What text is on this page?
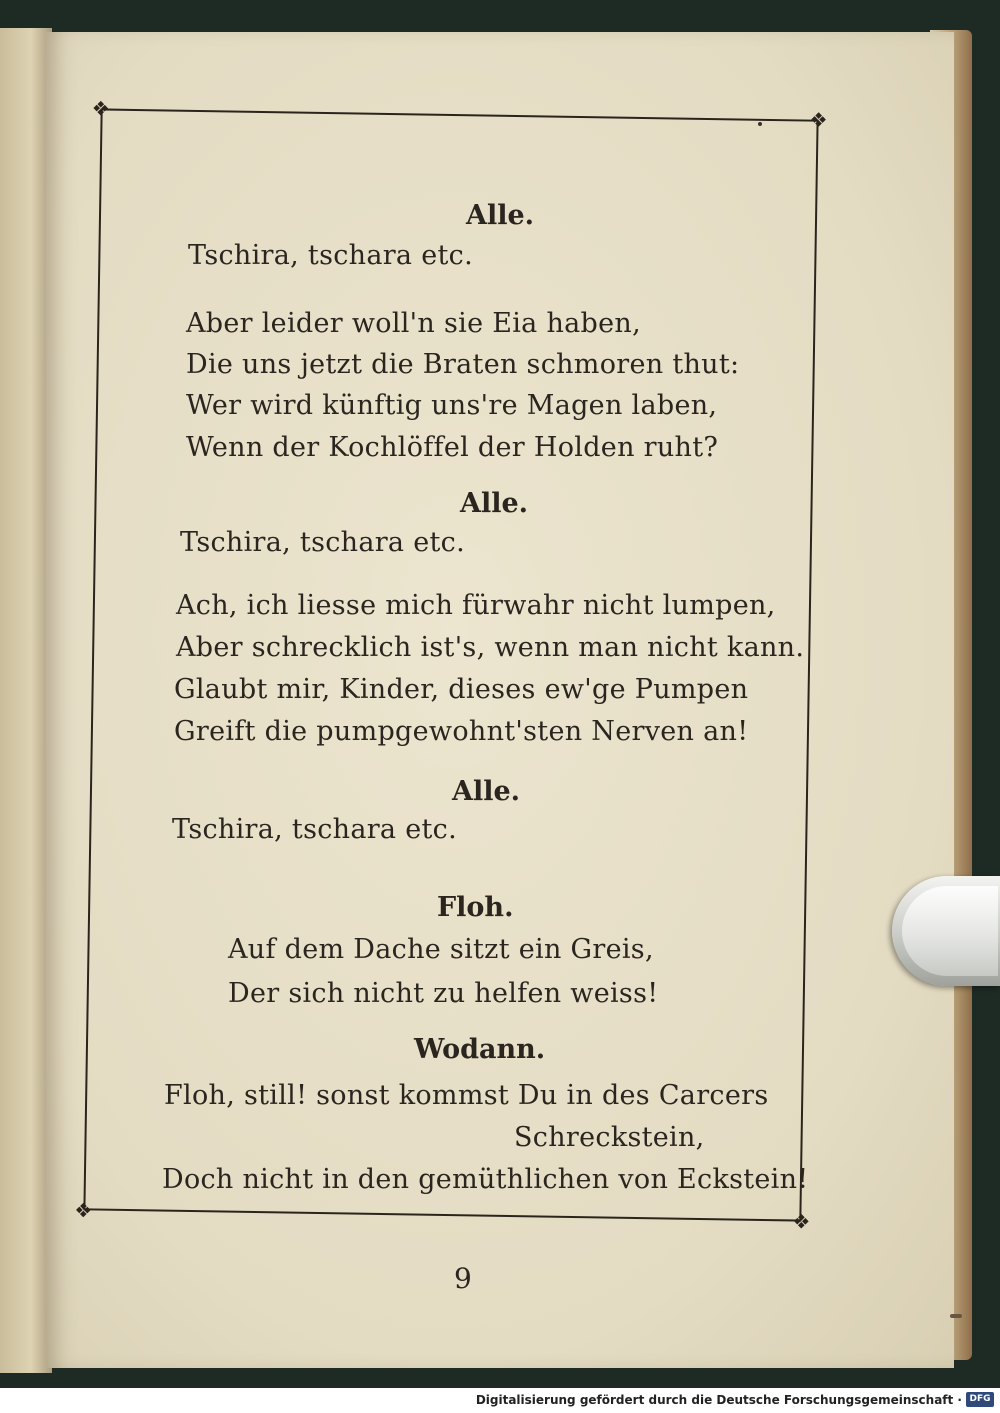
❖	❖
❖	❖
Alle.
Tschira, tschara etc.
Aber leider woll'n sie Eia haben,
Die uns jetzt die Braten schmoren thut:
Wer wird künftig uns're Magen laben,
Wenn der Kochlöffel der Holden ruht?
Alle.
Tschira, tschara etc.
Ach, ich liesse mich fürwahr nicht lumpen,
Aber schrecklich ist's, wenn man nicht kann.
Glaubt mir, Kinder, dieses ew'ge Pumpen
Greift die pumpgewohnt'sten Nerven an!
Alle.
Tschira, tschara etc.
Floh.
Auf dem Dache sitzt ein Greis,
Der sich nicht zu helfen weiss!
Wodann.
Floh, still! sonst kommst Du in des Carcers
Schreckstein,
Doch nicht in den gemüthlichen von Eckstein!
9
Digitalisierung gefördert durch die Deutsche Forschungsgemeinschaft · DFG
